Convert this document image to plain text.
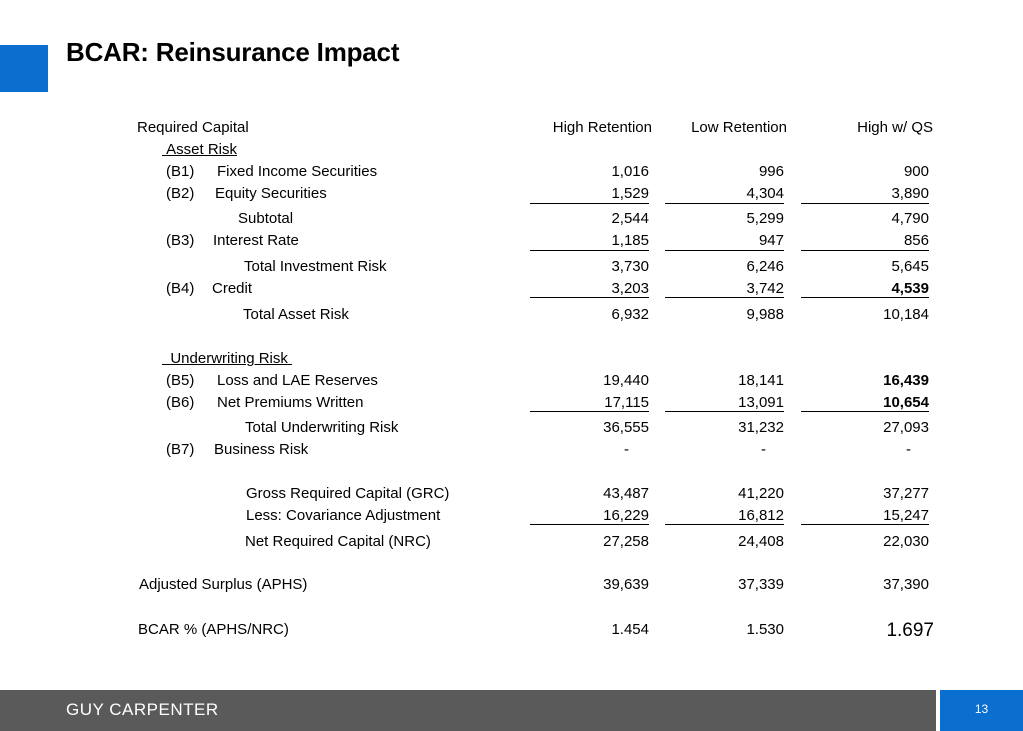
BCAR: Reinsurance Impact
Required Capital	High Retention	Low Retention	High w/ QS
Asset Risk
(B1) Fixed Income Securities	1,016	996	900
(B2) Equity Securities	1,529	4,304	3,890
Subtotal	2,544	5,299	4,790
(B3) Interest Rate	1,185	947	856
Total Investment Risk	3,730	6,246	5,645
(B4) Credit	3,203	3,742	4,539
Total Asset Risk	6,932	9,988	10,184
Underwriting Risk
(B5) Loss and LAE Reserves	19,440	18,141	16,439
(B6) Net Premiums Written	17,115	13,091	10,654
Total Underwriting Risk	36,555	31,232	27,093
(B7) Business Risk	-	-	-
Gross Required Capital (GRC)	43,487	41,220	37,277
Less: Covariance Adjustment	16,229	16,812	15,247
Net Required Capital (NRC)	27,258	24,408	22,030
Adjusted Surplus (APHS)	39,639	37,339	37,390
BCAR % (APHS/NRC)	1.454	1.530	1.697
GUY CARPENTER	13
